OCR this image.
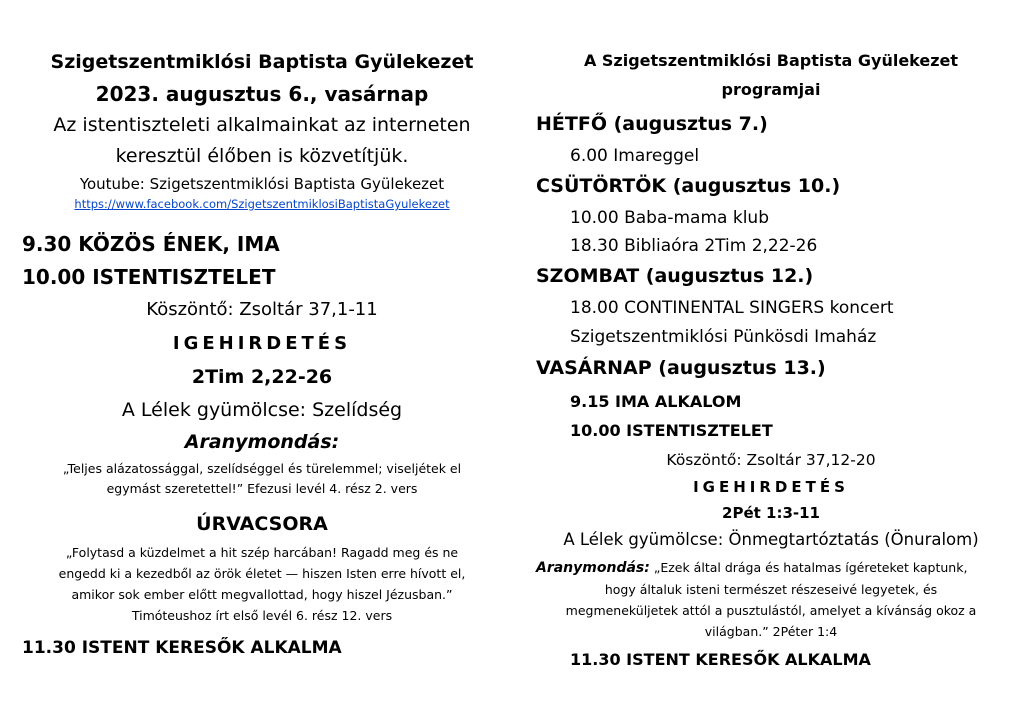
Szigetszentmiklósi Baptista Gyülekezet
2023. augusztus 6., vasárnap
Az istentiszteleti alkalmainkat az interneten
keresztül élőben is közvetítjük.
Youtube: Szigetszentmiklósi Baptista Gyülekezet
https://www.facebook.com/SzigetszentmiklosiBaptistaGyulekezet
9.30 KÖZÖS ÉNEK, IMA
10.00 ISTENTISZTELET
Köszöntő: Zsoltár 37,1-11
IGEHIRDETÉS
2Tim 2,22-26
A Lélek gyümölcse: Szelídség
Aranymondás:
„Teljes alázatossággal, szelídséggel és türelemmel; viseljétek el
egymást szeretettel!” Efezusi levél 4. rész 2. vers
ÚRVACSORA
„Folytasd a küzdelmet a hit szép harcában! Ragadd meg és ne
engedd ki a kezedből az örök életet — hiszen Isten erre hívott el,
amikor sok ember előtt megvallottad, hogy hiszel Jézusban.”
Timóteushoz írt első levél 6. rész 12. vers
11.30 ISTENT KERESŐK ALKALMA
A Szigetszentmiklósi Baptista Gyülekezet
programjai
HÉTFŐ (augusztus 7.)
6.00 Imareggel
CSÜTÖRTÖK (augusztus 10.)
10.00 Baba-mama klub
18.30 Bibliaóra 2Tim 2,22-26
SZOMBAT (augusztus 12.)
18.00 CONTINENTAL SINGERS koncert
Szigetszentmiklósi Pünkösdi Imaház
VASÁRNAP (augusztus 13.)
9.15 IMA ALKALOM
10.00 ISTENTISZTELET
Köszöntő: Zsoltár 37,12-20
IGEHIRDETÉS
2Pét 1:3-11
A Lélek gyümölcse: Önmegtartóztatás (Önuralom)
Aranymondás: „Ezek által drága és hatalmas ígéreteket kaptunk,
hogy általuk isteni természet részeseivé legyetek, és
megmeneküljetek attól a pusztulástól, amelyet a kívánság okoz a
világban.” 2Péter 1:4
11.30 ISTENT KERESŐK ALKALMA
